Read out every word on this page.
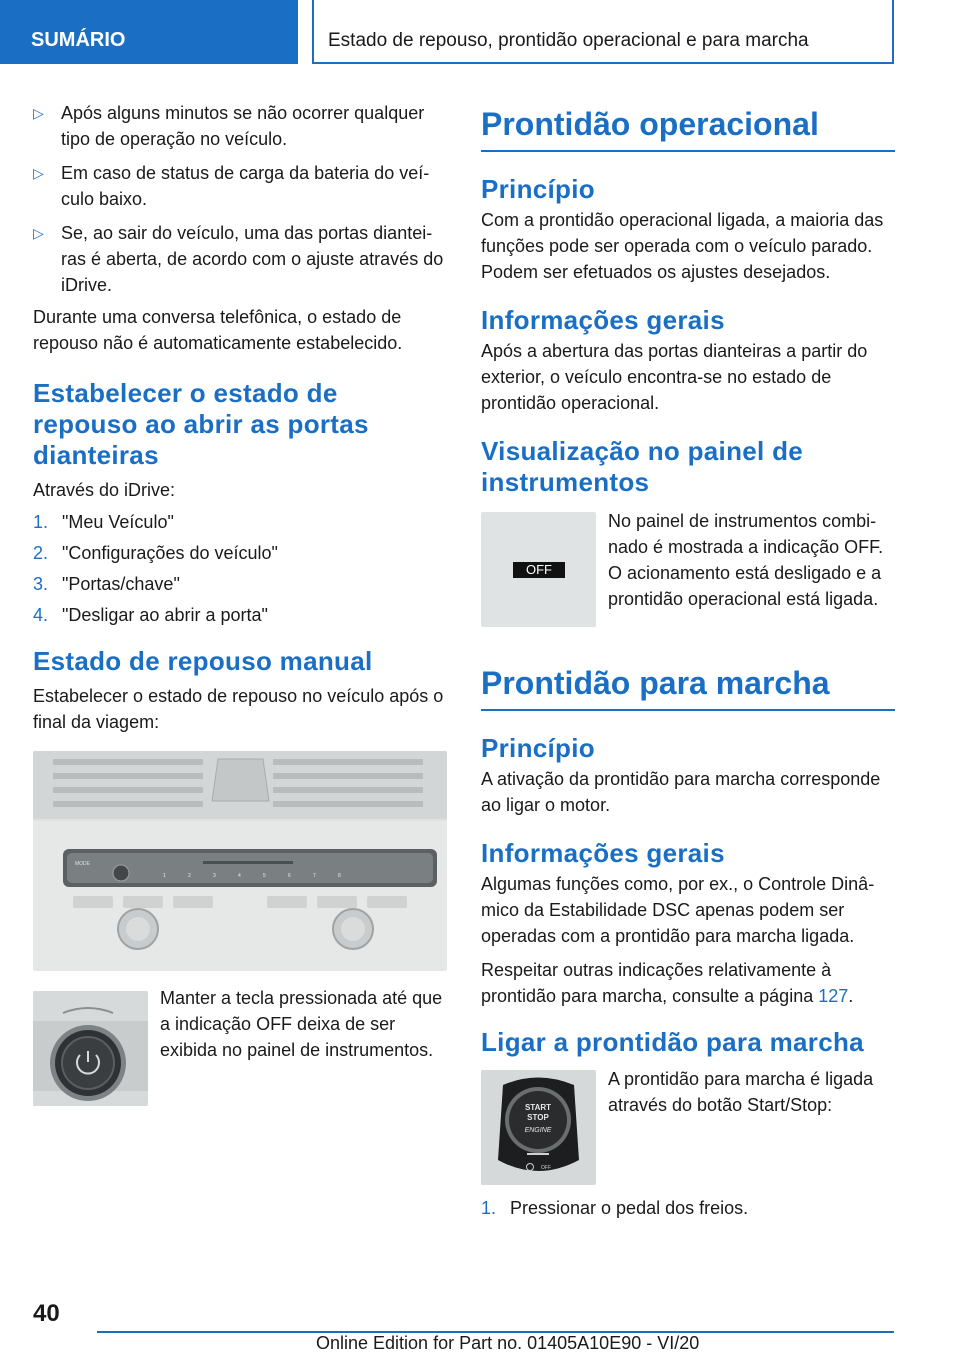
SUMÁRIO	Estado de repouso, prontidão operacional e para marcha
▷ Após alguns minutos se não ocorrer qualquer tipo de operação no veículo.
▷ Em caso de status de carga da bateria do veículo baixo.
▷ Se, ao sair do veículo, uma das portas dianteiras é aberta, de acordo com o ajuste através do iDrive.

Durante uma conversa telefônica, o estado de repouso não é automaticamente estabelecido.

Estabelecer o estado de repouso ao abrir as portas dianteiras

Através do iDrive:

1. "Meu Veículo"
2. "Configurações do veículo"
3. "Portas/chave"
4. "Desligar ao abrir a porta"
Estado de repouso manual

Estabelecer o estado de repouso no veículo após o final da viagem:

MODE
1	2	3	4	5	6	7	8

Manter a tecla pressionada até que a indicação OFF deixa de ser exibida no painel de instrumentos.

Prontidão operacional
Princípio

Com a prontidão operacional ligada, a maioria das funções pode ser operada com o veículo parado. Podem ser efetuados os ajustes desejados.

Informações gerais

Após a abertura das portas dianteiras a partir do exterior, o veículo encontra-se no estado de prontidão operacional.

Visualização no painel de instrumentos
OFF

No painel de instrumentos combinado é mostrada a indicação OFF. O acionamento está desligado e a prontidão operacional está ligada.

Prontidão para marcha
Princípio

A ativação da prontidão para marcha corresponde ao ligar o motor.

Informações gerais

Algumas funções como, por ex., o Controle Dinâmico da Estabilidade DSC apenas podem ser operadas com a prontidão para marcha ligada.

Respeitar outras indicações relativamente à prontidão para marcha, consulte a página 127.

Ligar a prontidão para marcha
START
STOP
ENGINE
OFF

A prontidão para marcha é ligada através do botão Start/Stop:

1. Pressionar o pedal dos freios.
40
Online Edition for Part no. 01405A10E90 - VI/20
